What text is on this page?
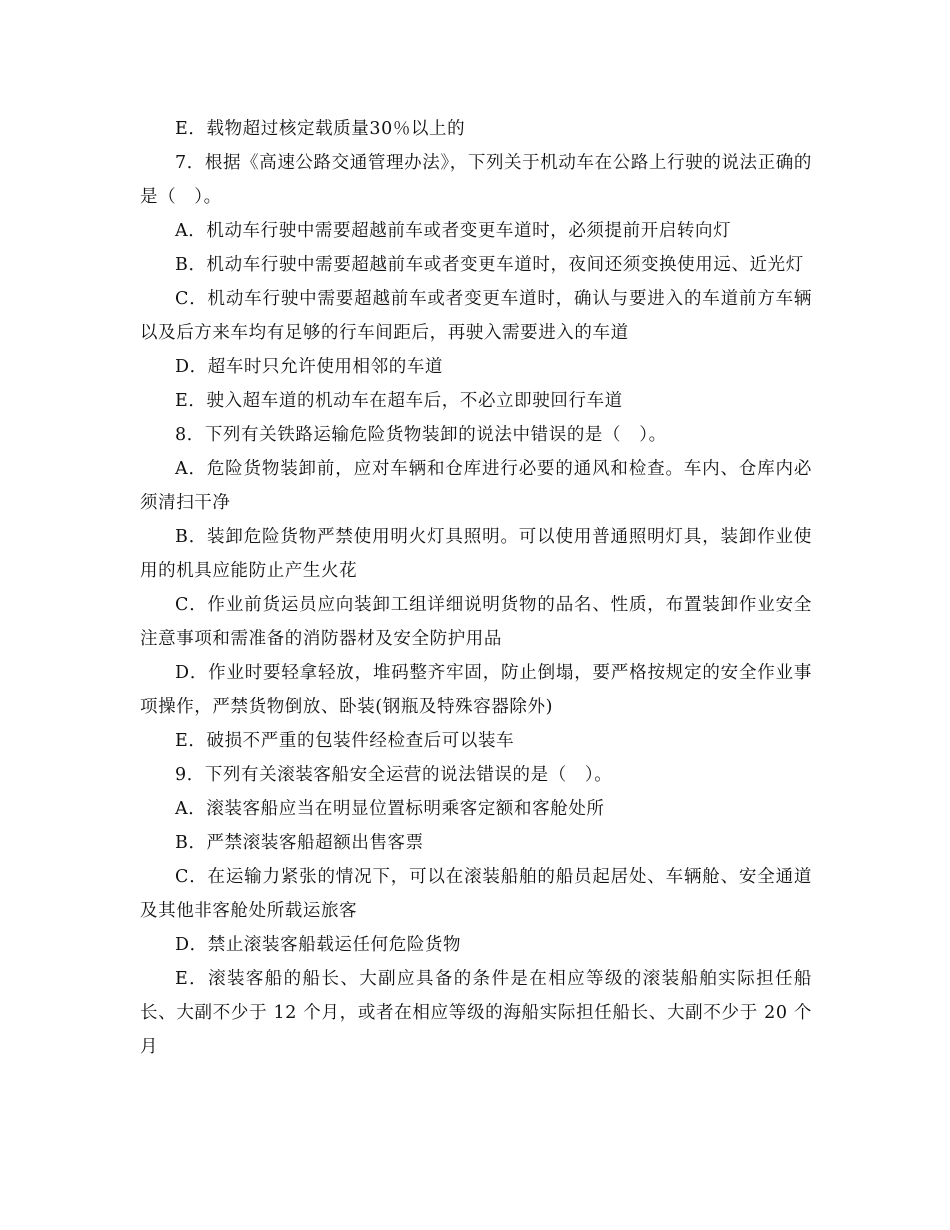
E．载物超过核定载质量30％以上的

7．根据《高速公路交通管理办法》，下列关于机动车在公路上行驶的说法正确的是（　）。

A．机动车行驶中需要超越前车或者变更车道时，必须提前开启转向灯

B．机动车行驶中需要超越前车或者变更车道时，夜间还须变换使用远、近光灯

C．机动车行驶中需要超越前车或者变更车道时，确认与要进入的车道前方车辆以及后方来车均有足够的行车间距后，再驶入需要进入的车道

D．超车时只允许使用相邻的车道

E．驶入超车道的机动车在超车后，不必立即驶回行车道

8．下列有关铁路运输危险货物装卸的说法中错误的是（　）。

A．危险货物装卸前，应对车辆和仓库进行必要的通风和检查。车内、仓库内必须清扫干净

B．装卸危险货物严禁使用明火灯具照明。可以使用普通照明灯具，装卸作业使用的机具应能防止产生火花

C．作业前货运员应向装卸工组详细说明货物的品名、性质，布置装卸作业安全注意事项和需准备的消防器材及安全防护用品

D．作业时要轻拿轻放，堆码整齐牢固，防止倒塌，要严格按规定的安全作业事项操作，严禁货物倒放、卧装(钢瓶及特殊容器除外)

E．破损不严重的包装件经检查后可以装车

9．下列有关滚装客船安全运营的说法错误的是（　）。

A．滚装客船应当在明显位置标明乘客定额和客舱处所

B．严禁滚装客船超额出售客票

C．在运输力紧张的情况下，可以在滚装船舶的船员起居处、车辆舱、安全通道及其他非客舱处所载运旅客

D．禁止滚装客船载运任何危险货物

E．滚装客船的船长、大副应具备的条件是在相应等级的滚装船舶实际担任船长、大副不少于 12 个月，或者在相应等级的海船实际担任船长、大副不少于 20 个月
